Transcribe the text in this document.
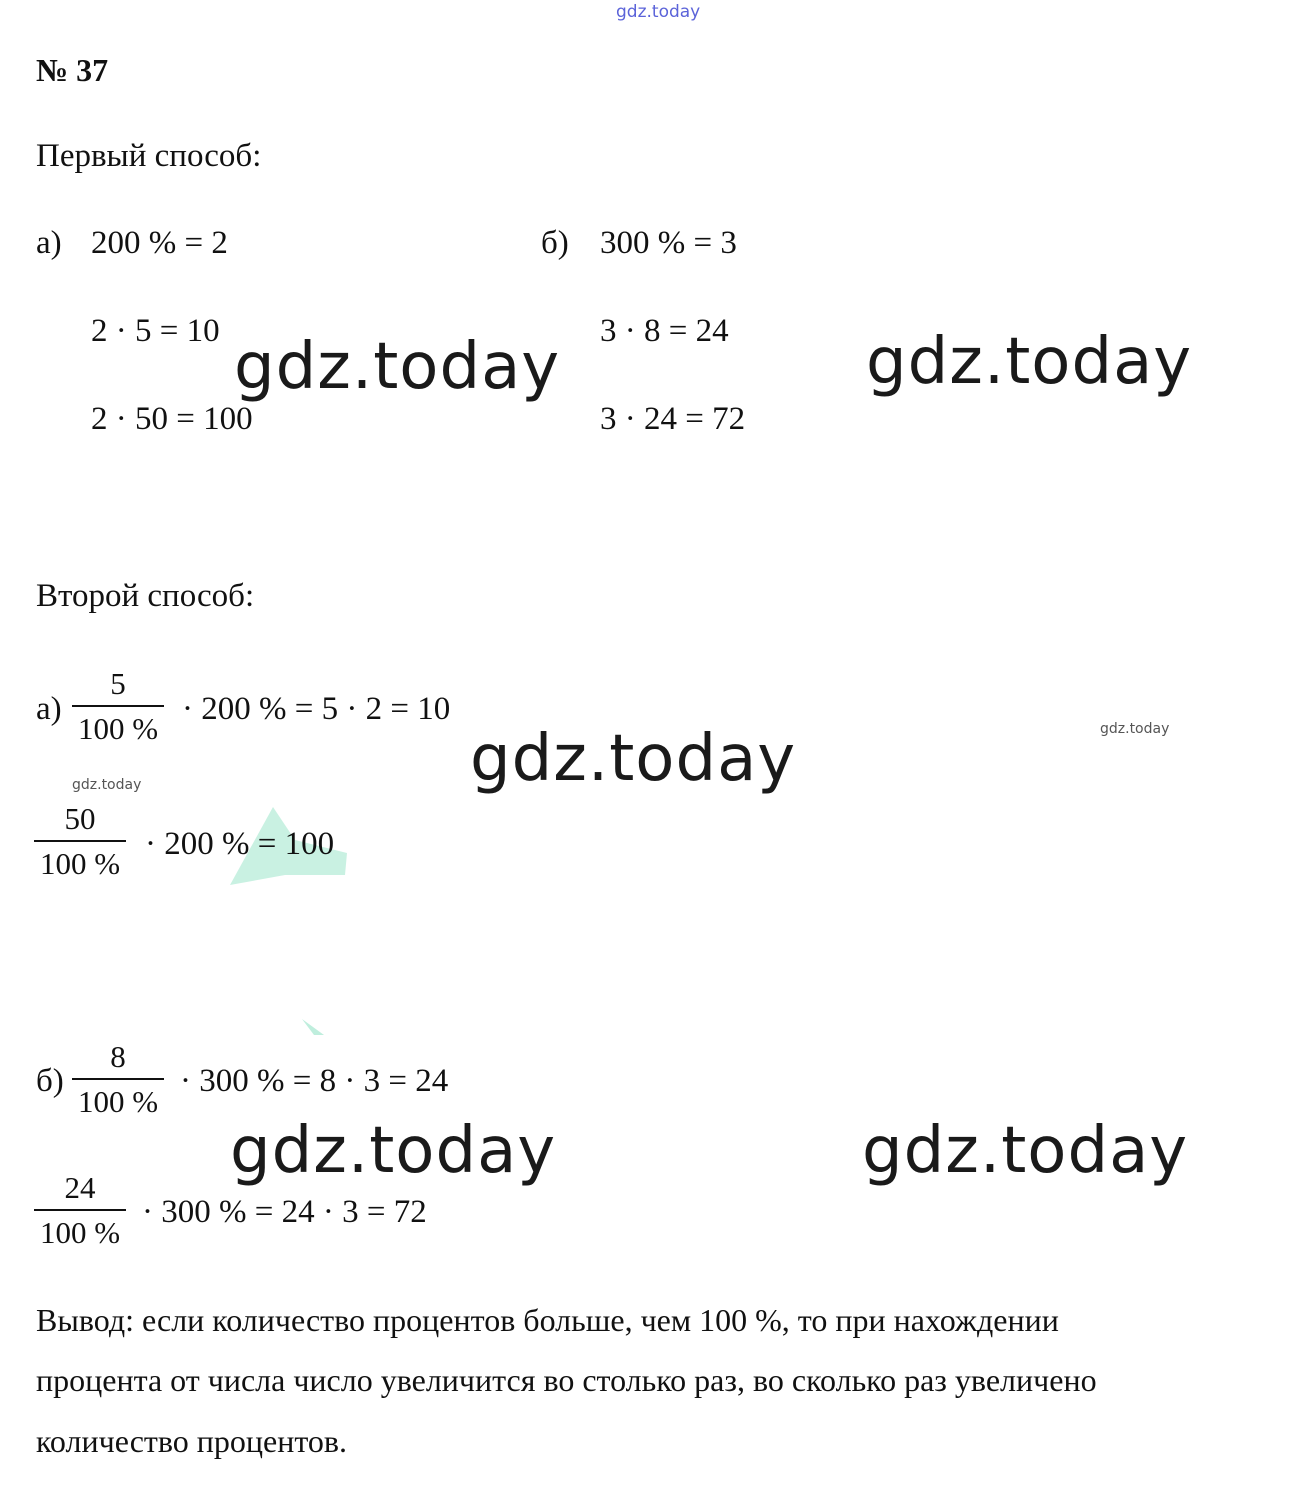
gdz.today
gdz.today	gdz.today
gdz.today	gdz.today
gdz.today
gdz.today	gdz.today
№ 37
Первый способ:
а) 200 % = 2
2 · 5 = 10
2 · 50 = 100
б) 300 % = 3
3 · 8 = 24
3 · 24 = 72
Второй способ:
а)
5
100 %
· 200 % = 5 · 2 = 10
50
100 %
· 200 % = 100
б)
8
100 %
· 300 % = 8 · 3 = 24
24
100 %
· 300 % = 24 · 3 = 72
Вывод: если количество процентов больше, чем 100 %, то при нахождении
процента от числа число увеличится во столько раз, во сколько раз увеличено
количество процентов.
